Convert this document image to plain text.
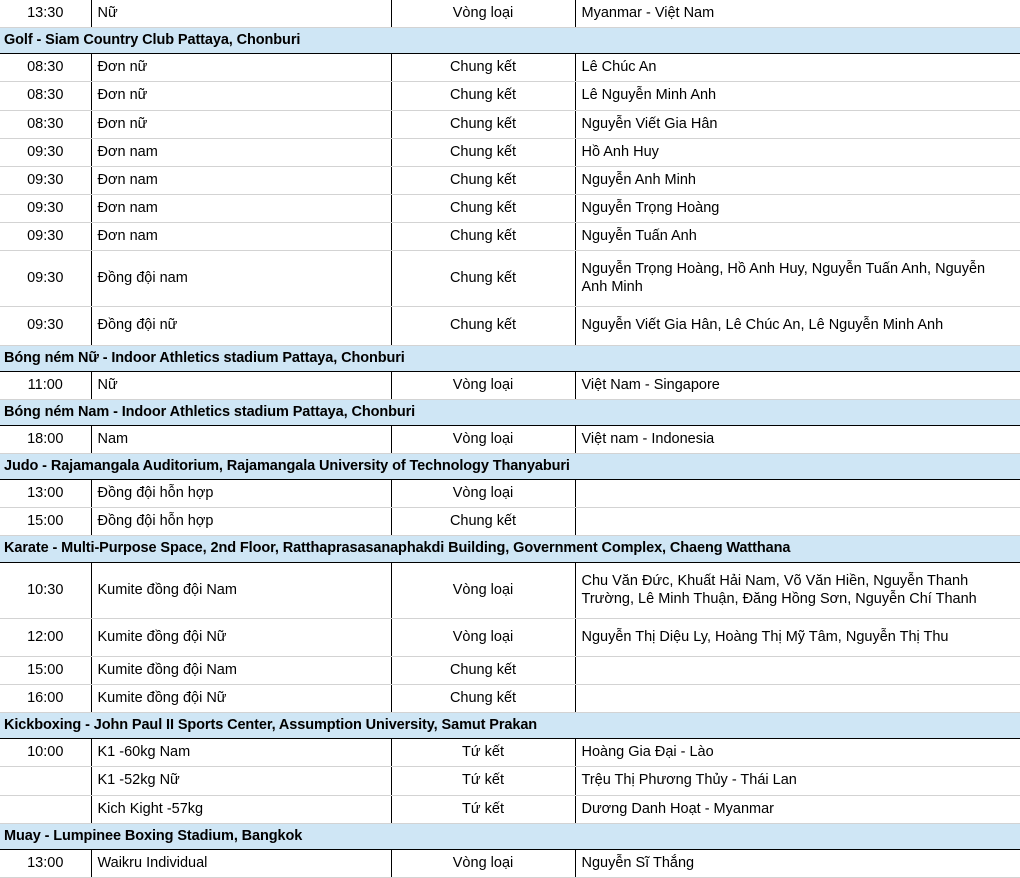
13:30	Nữ	Vòng loại	Myanmar - Việt Nam
Golf - Siam Country Club Pattaya, Chonburi			
08:30	Đơn nữ	Chung kết	Lê Chúc An
08:30	Đơn nữ	Chung kết	Lê Nguyễn Minh Anh
08:30	Đơn nữ	Chung kết	Nguyễn Viết Gia Hân
09:30	Đơn nam	Chung kết	Hồ Anh Huy
09:30	Đơn nam	Chung kết	Nguyễn Anh Minh
09:30	Đơn nam	Chung kết	Nguyễn Trọng Hoàng
09:30	Đơn nam	Chung kết	Nguyễn Tuấn Anh
09:30	Đồng đội nam	Chung kết	Nguyễn Trọng Hoàng, Hồ Anh Huy, Nguyễn Tuấn Anh, Nguyễn Anh Minh
09:30	Đồng đội nữ	Chung kết	Nguyễn Viết Gia Hân, Lê Chúc An, Lê Nguyễn Minh Anh
Bóng ném Nữ - Indoor Athletics stadium Pattaya, Chonburi			
11:00	Nữ	Vòng loại	Việt Nam - Singapore
Bóng ném Nam - Indoor Athletics stadium Pattaya, Chonburi			
18:00	Nam	Vòng loại	Việt nam - Indonesia
Judo - Rajamangala Auditorium, Rajamangala University of Technology Thanyaburi			
13:00	Đồng đội hỗn hợp	Vòng loại	
15:00	Đồng đội hỗn hợp	Chung kết	
Karate - Multi-Purpose Space, 2nd Floor, Ratthaprasasanaphakdi Building, Government Complex, Chaeng Watthana			
10:30	Kumite đồng đội Nam	Vòng loại	Chu Văn Đức, Khuất Hải Nam, Võ Văn Hiền, Nguyễn Thanh Trường, Lê Minh Thuận, Đăng Hồng Sơn, Nguyễn Chí Thanh
12:00	Kumite đồng đội Nữ	Vòng loại	Nguyễn Thị Diệu Ly, Hoàng Thị Mỹ Tâm, Nguyễn Thị Thu
15:00	Kumite đồng đội Nam	Chung kết	
16:00	Kumite đồng đội Nữ	Chung kết	
Kickboxing - John Paul II Sports Center, Assumption University, Samut Prakan			
10:00	K1 -60kg Nam	Tứ kết	Hoàng Gia Đại - Lào
	K1 -52kg Nữ	Tứ kết	Trệu Thị Phương Thủy - Thái Lan
	Kich Kight -57kg	Tứ kết	Dương Danh Hoạt - Myanmar
Muay - Lumpinee Boxing Stadium, Bangkok			
13:00	Waikru Individual	Vòng loại	Nguyễn Sĩ Thắng
